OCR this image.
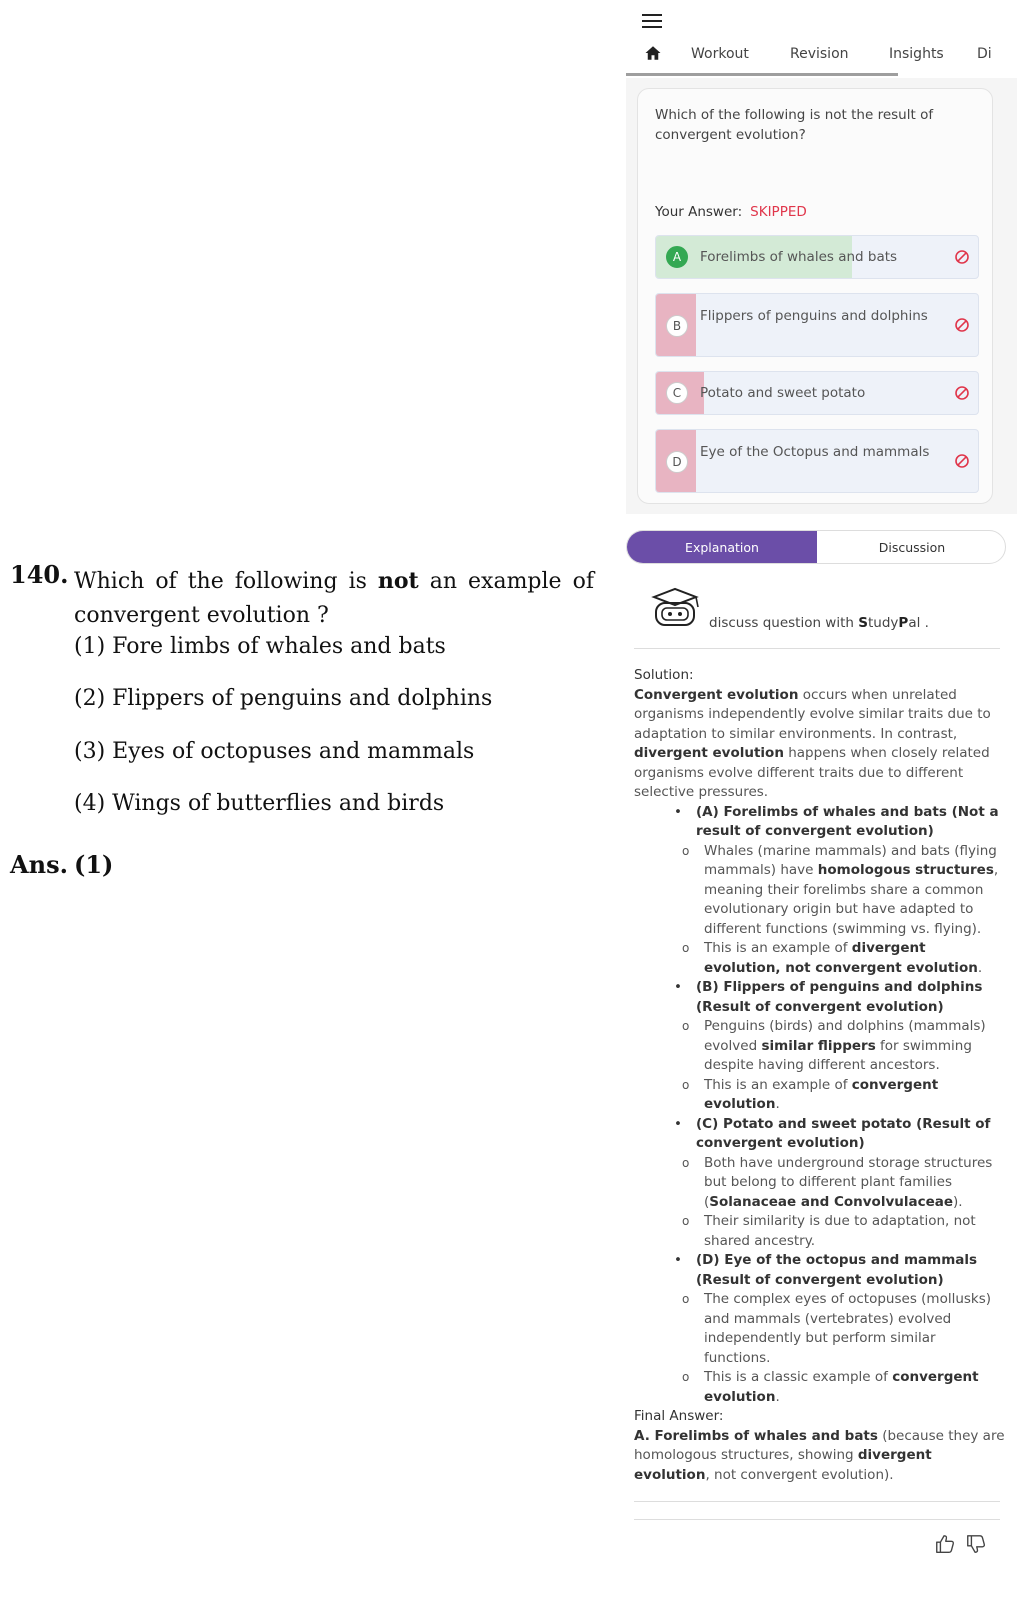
140. Which of the following is not an example of
convergent evolution ?
(1) Fore limbs of whales and bats
(2) Flippers of penguins and dolphins
(3) Eyes of octopuses and mammals
(4) Wings of butterflies and birds
Ans. (1)
Workout	Revision	Insights Di
Which of the following is not the result of convergent evolution?
Your Answer: SKIPPED
A	Forelimbs of whales and bats
B
Flippers of penguins and dolphins
C	Potato and sweet potato
D
Eye of the Octopus and mammals
Explanation	Discussion
discuss question with StudyPal .
Solution:
Convergent evolution occurs when unrelated organisms independently evolve similar traits due to adaptation to similar environments. In contrast, divergent evolution happens when closely related organisms evolve different traits due to different selective pressures.
• (A) Forelimbs of whales and bats (Not a result of convergent evolution)
o Whales (marine mammals) and bats (flying mammals) have homologous structures, meaning their forelimbs share a common evolutionary origin but have adapted to different functions (swimming vs. flying).
o This is an example of divergent evolution, not convergent evolution.
• (B) Flippers of penguins and dolphins (Result of convergent evolution)
o Penguins (birds) and dolphins (mammals) evolved similar flippers for swimming despite having different ancestors.
o This is an example of convergent evolution.
• (C) Potato and sweet potato (Result of convergent evolution)
o Both have underground storage structures but belong to different plant families (Solanaceae and Convolvulaceae).
o Their similarity is due to adaptation, not shared ancestry.
• (D) Eye of the octopus and mammals (Result of convergent evolution)
o The complex eyes of octopuses (mollusks) and mammals (vertebrates) evolved independently but perform similar functions.
o This is a classic example of convergent evolution.
Final Answer:
A. Forelimbs of whales and bats (because they are homologous structures, showing divergent evolution, not convergent evolution).
